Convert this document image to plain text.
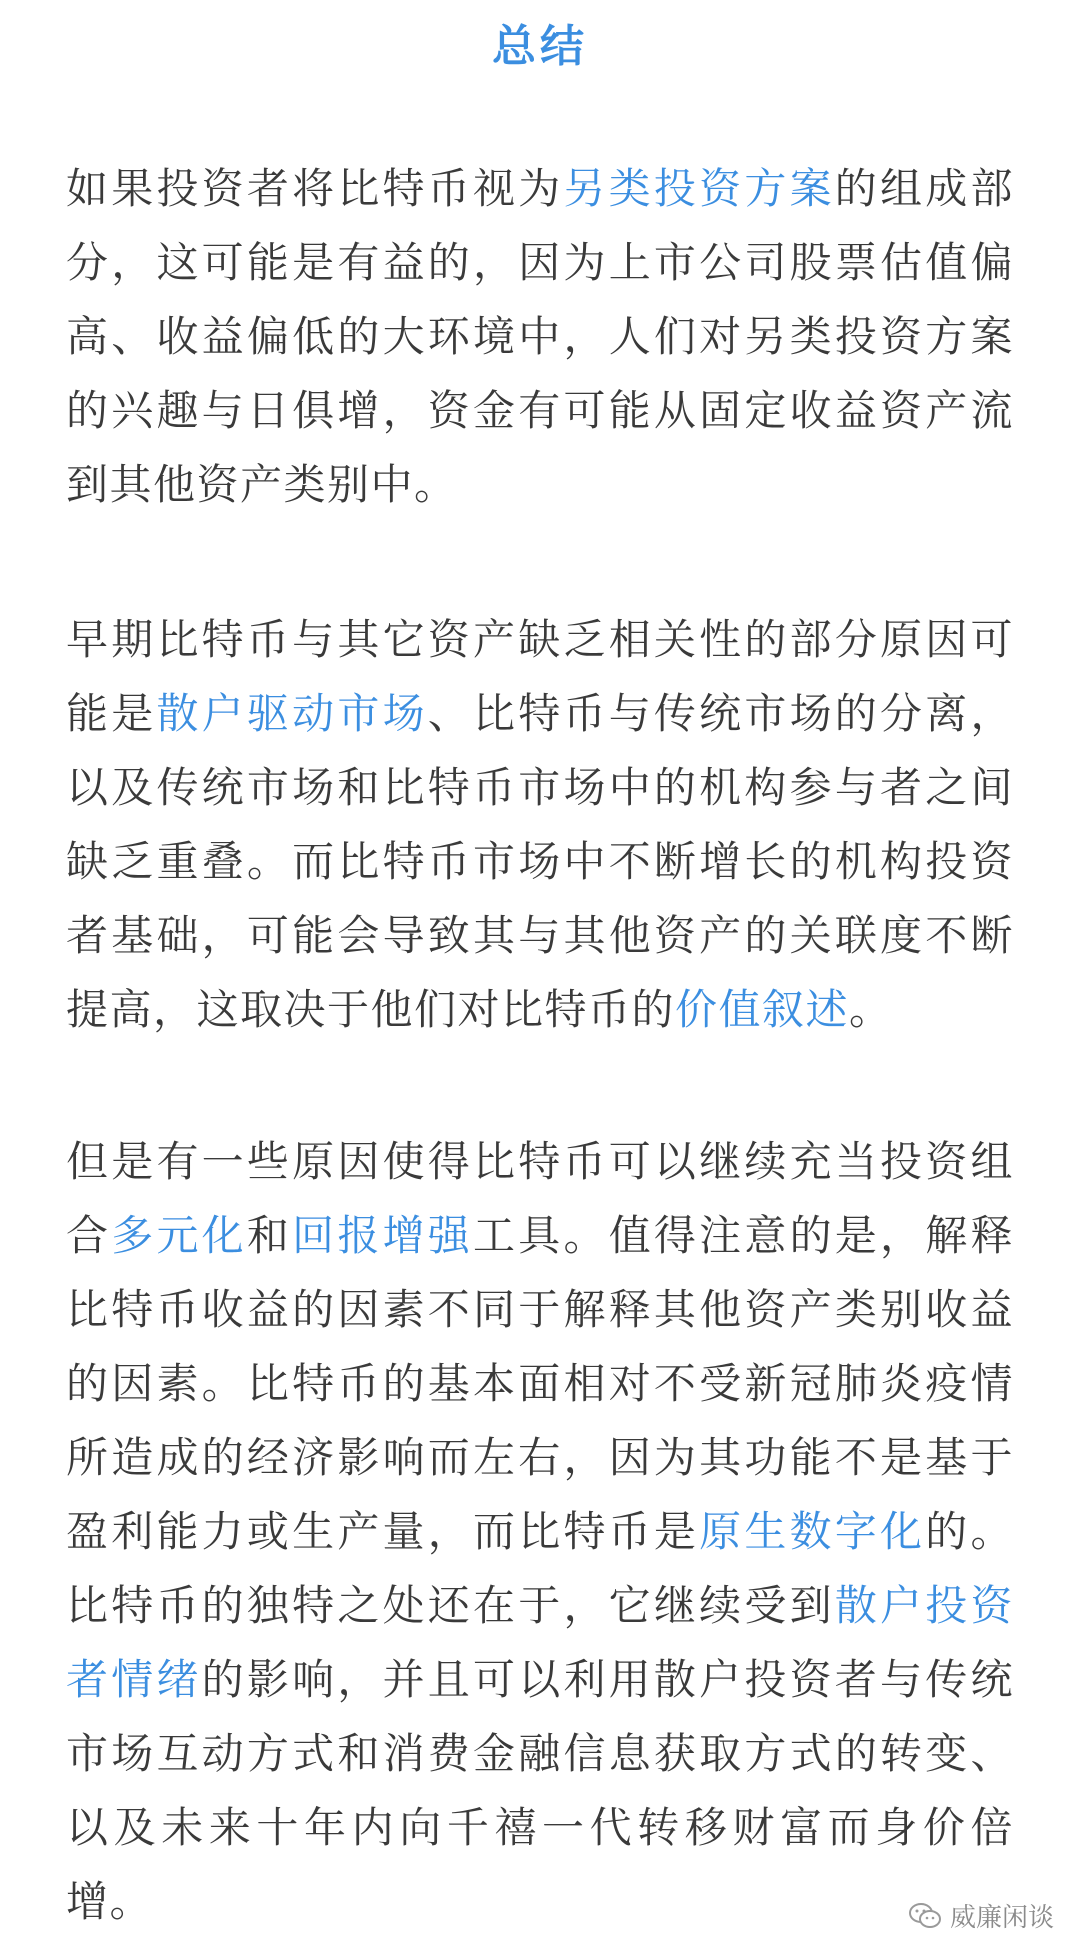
总结

如果投资者将比特币视为另类投资方案的组成部分，这可能是有益的，因为上市公司股票估值偏高、收益偏低的大环境中，人们对另类投资方案的兴趣与日俱增，资金有可能从固定收益资产流到其他资产类别中。

早期比特币与其它资产缺乏相关性的部分原因可能是散户驱动市场、比特币与传统市场的分离，以及传统市场和比特币市场中的机构参与者之间缺乏重叠。而比特币市场中不断增长的机构投资者基础，可能会导致其与其他资产的关联度不断提高，这取决于他们对比特币的价值叙述。

但是有一些原因使得比特币可以继续充当投资组合多元化和回报增强工具。值得注意的是，解释比特币收益的因素不同于解释其他资产类别收益的因素。比特币的基本面相对不受新冠肺炎疫情所造成的经济影响而左右，因为其功能不是基于盈利能力或生产量，而比特币是原生数字化的。比特币的独特之处还在于，它继续受到散户投资者情绪的影响，并且可以利用散户投资者与传统市场互动方式和消费金融信息获取方式的转变、以及未来十年内向千禧一代转移财富而身价倍增。	威廉闲谈
